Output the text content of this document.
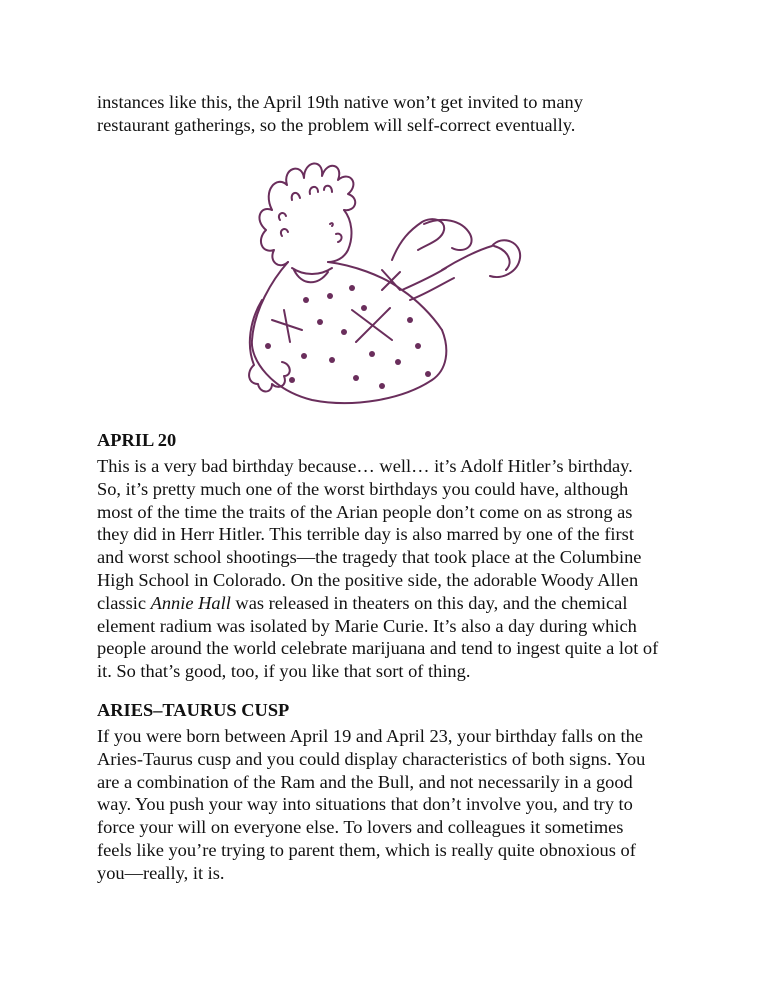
instances like this, the April 19th native won’t get invited to many
restaurant gatherings, so the problem will self-correct eventually.

APRIL 20

This is a very bad birthday because… well… it’s Adolf Hitler’s birthday.
So, it’s pretty much one of the worst birthdays you could have, although
most of the time the traits of the Arian people don’t come on as strong as
they did in Herr Hitler. This terrible day is also marred by one of the first
and worst school shootings—the tragedy that took place at the Columbine
High School in Colorado. On the positive side, the adorable Woody Allen
classic Annie Hall was released in theaters on this day, and the chemical
element radium was isolated by Marie Curie. It’s also a day during which
people around the world celebrate marijuana and tend to ingest quite a lot of
it. So that’s good, too, if you like that sort of thing.

ARIES–TAURUS CUSP

If you were born between April 19 and April 23, your birthday falls on the
Aries-Taurus cusp and you could display characteristics of both signs. You
are a combination of the Ram and the Bull, and not necessarily in a good
way. You push your way into situations that don’t involve you, and try to
force your will on everyone else. To lovers and colleagues it sometimes
feels like you’re trying to parent them, which is really quite obnoxious of
you—really, it is.
